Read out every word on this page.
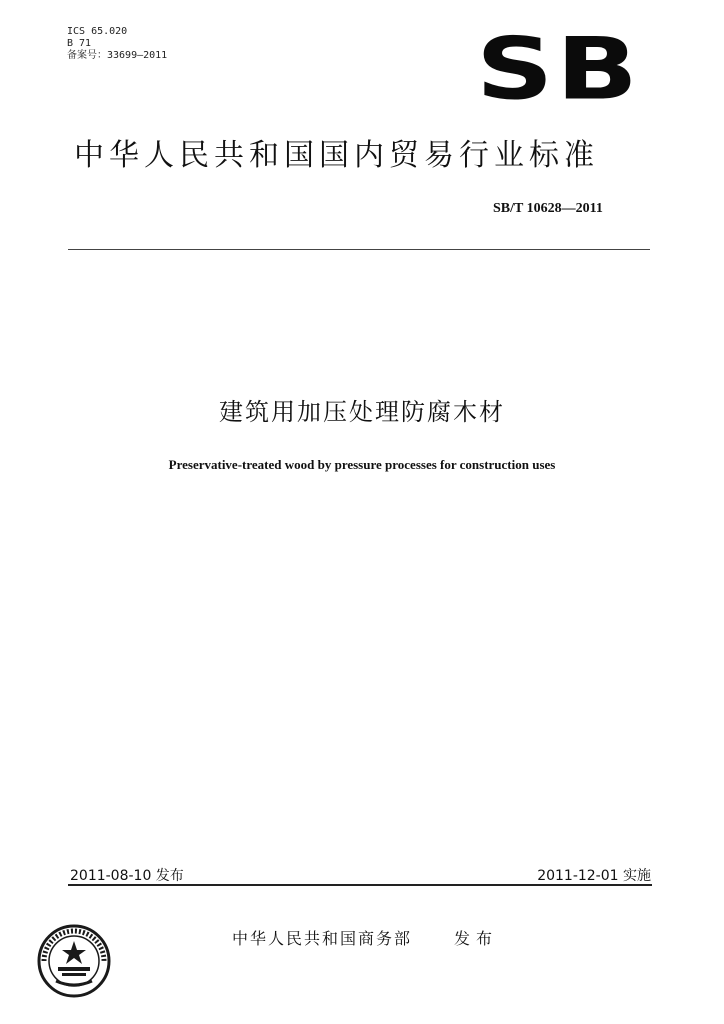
ICS 65.020
B 71
备案号：33699—2011	SB
中华人民共和国国内贸易行业标准
SB/T 10628—2011
建筑用加压处理防腐木材
Preservative-treated wood by pressure processes for construction uses
2011-08-10 发布	2011-12-01 实施
中华人民共和国商务部	发布
